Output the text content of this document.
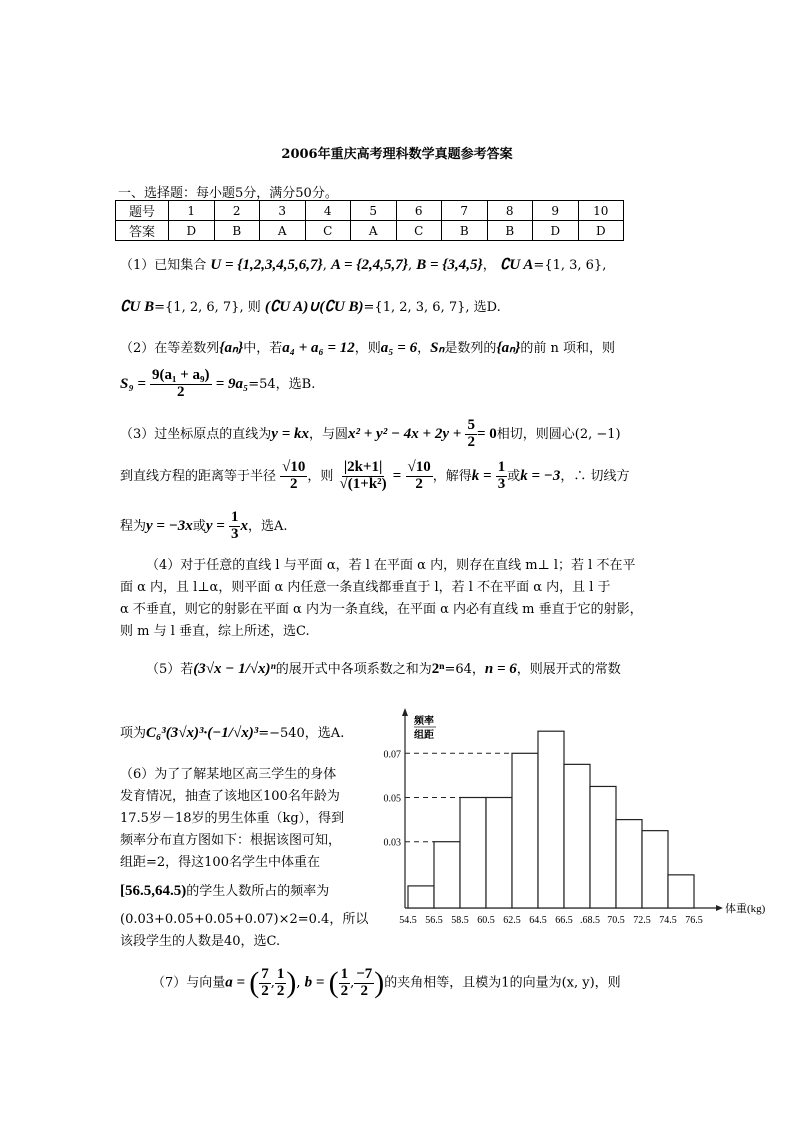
2006年重庆高考理科数学真题参考答案
一、选择题：每小题5分，满分50分。
题号	1	2	3	4	5	6	7	8	9	10
答案	D	B	A	C	A	C	B	B	D	D
（1）已知集合 U = {1,2,3,4,5,6,7}, A = {2,4,5,7}, B = {3,4,5}， ∁U A={1, 3, 6},
∁U B={1, 2, 6, 7}, 则 (∁U A)∪(∁U B)={1, 2, 3, 6, 7}, 选D.
（2）在等差数列{aₙ}中，若a₄ + a₆ = 12，则a₅ = 6，Sₙ是数列的{aₙ}的前 n 项和，则
$S_9 = \frac{\text{9(a₁ + a₉)}}{2} = 9a_5=54$，选B.
（3）过坐标原点的直线为y = kx，与圆$x^2 + y^2 - 4x + 2y + \frac{5}{2} = 0$相切，则圆心(2, −1)
到直线方程的距离等于半径 $\frac{√10}{2}$ ，则 $\frac{|2k+1|}{\text{√(1+k²)}} = \frac{√10}{2}$ ，解得$k = \frac{1}{3}$ 或k = −3，∴ 切线方
程为y = −3x或$y = \frac{1}{3}$ x，选A.
（4）对于任意的直线 l 与平面 α，若 l 在平面 α 内，则存在直线 m⊥ l；若 l 不在平
面 α 内，且 l⊥α，则平面 α 内任意一条直线都垂直于 l，若 l 不在平面 α 内，且 l 于
α 不垂直，则它的射影在平面 α 内为一条直线，在平面 α 内必有直线 m 垂直于它的射影，
则 m 与 l 垂直，综上所述，选C.
（5）若(3√x − 1/√x)ⁿ的展开式中各项系数之和为2ⁿ=64，n = 6，则展开式的常数
项为C₆³(3√x)³·(−1/√x)³=−540，选A.
（6）为了了解某地区高三学生的身体
发育情况，抽查了该地区100名年龄为
17.5岁－18岁的男生体重（kg），得到
频率分布直方图如下：根据该图可知，
组距=2，得这100名学生中体重在
[56.5,64.5)的学生人数所占的频率为
(0.03+0.05+0.05+0.07)×2=0.4，所以
该段学生的人数是40，选C.
频率
组距
体重(kg)
0.03
0.05
0.07
54.5 56.5 58.5 60.5 62.5 64.5 66.5 .68.5 70.5 72.5 74.5 76.5
（7）与向量a = ( $\frac{7}{2}$ , $\frac{1}{2}$ ), b = ( $\frac{1}{2}$ , $\frac{-7}{2}$ )的夹角相等，且模为1的向量为(x, y)，则
